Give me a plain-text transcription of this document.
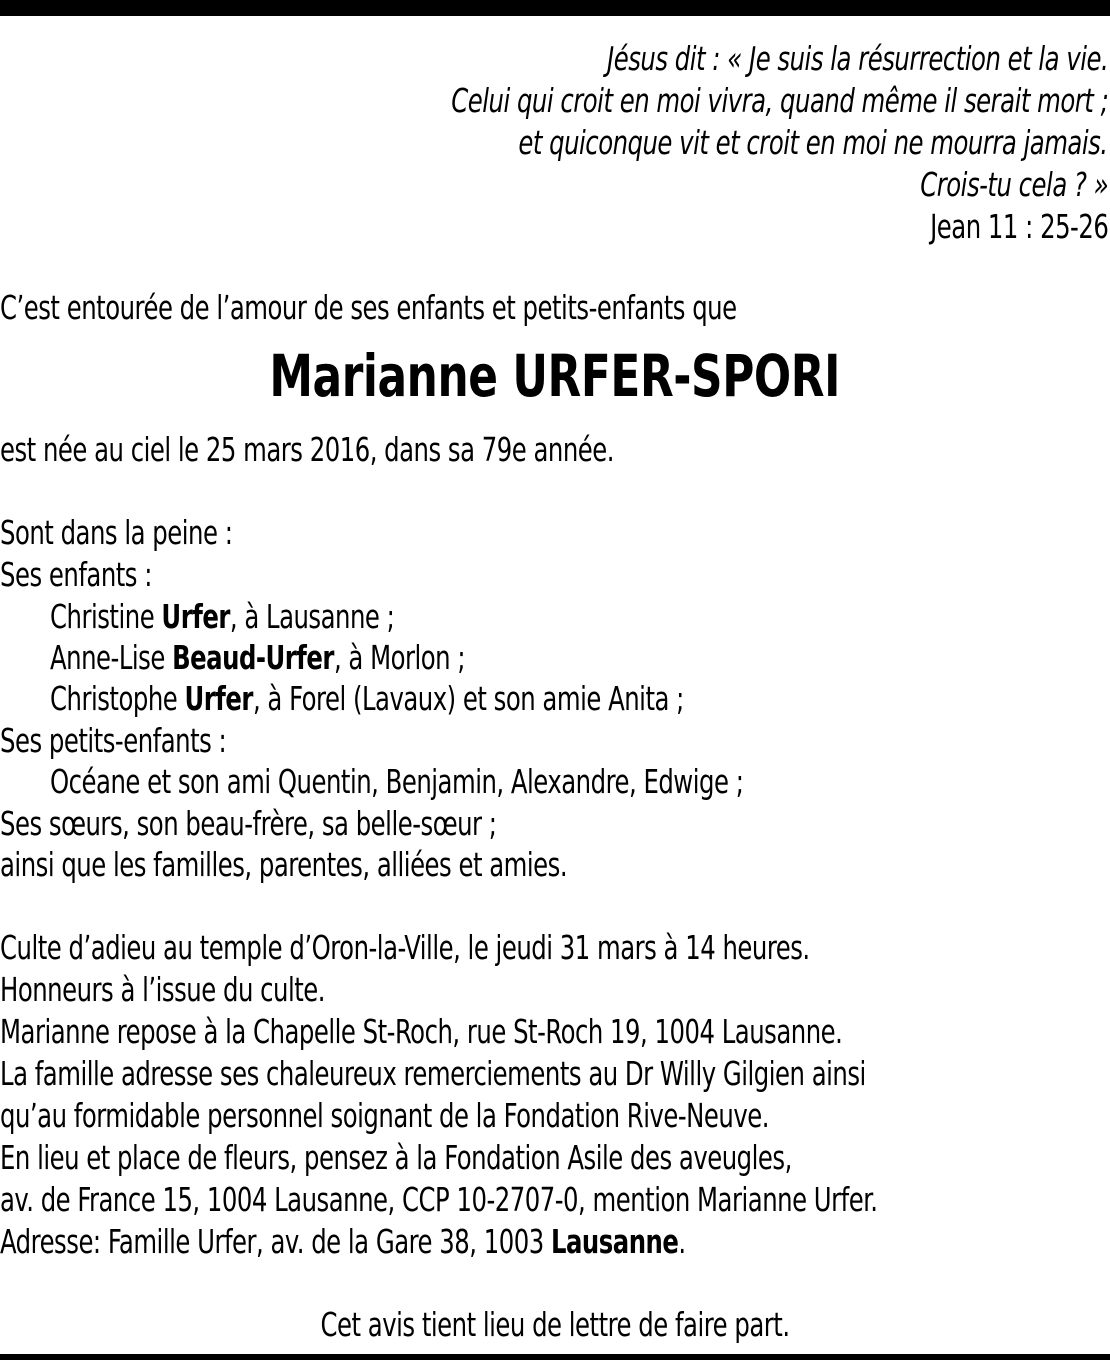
Jésus dit : « Je suis la résurrection et la vie.
Celui qui croit en moi vivra, quand même il serait mort ;
et quiconque vit et croit en moi ne mourra jamais.
Crois-tu cela ? »
Jean 11 : 25-26
C’est entourée de l’amour de ses enfants et petits-enfants que
Marianne URFER-SPORI
est née au ciel le 25 mars 2016, dans sa 79e année.
Sont dans la peine :
Ses enfants :
Christine Urfer, à Lausanne ;
Anne-Lise Beaud-Urfer, à Morlon ;
Christophe Urfer, à Forel (Lavaux) et son amie Anita ;
Ses petits-enfants :
Océane et son ami Quentin, Benjamin, Alexandre, Edwige ;
Ses sœurs, son beau-frère, sa belle-sœur ;
ainsi que les familles, parentes, alliées et amies.
Culte d’adieu au temple d’Oron-la-Ville, le jeudi 31 mars à 14 heures.
Honneurs à l’issue du culte.
Marianne repose à la Chapelle St-Roch, rue St-Roch 19, 1004 Lausanne.
La famille adresse ses chaleureux remerciements au Dr Willy Gilgien ainsi
qu’au formidable personnel soignant de la Fondation Rive-Neuve.
En lieu et place de fleurs, pensez à la Fondation Asile des aveugles,
av. de France 15, 1004 Lausanne, CCP 10-2707-0, mention Marianne Urfer.
Adresse: Famille Urfer, av. de la Gare 38, 1003 Lausanne.
Cet avis tient lieu de lettre de faire part.
